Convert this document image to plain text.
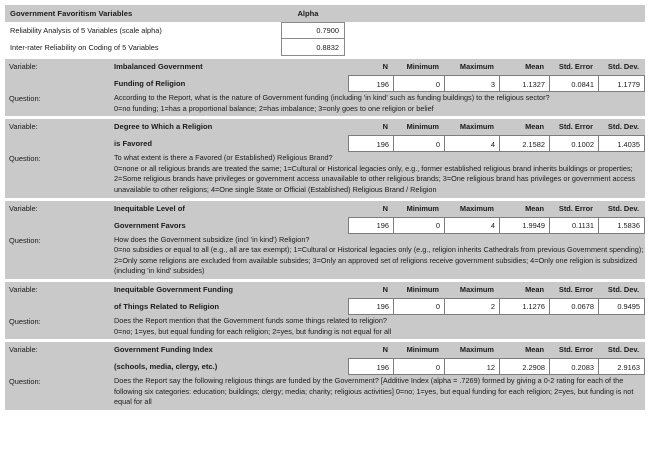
Government Favoritism Variables	Alpha
Reliability Analysis of 5 Variables (scale alpha)	0.7900
Inter-rater Reliability on Coding of 5 Variables	0.8832
Variable:	Imbalanced Government	N	Minimum	Maximum	Mean	Std. Error	Std. Dev.
Funding of Religion	196	0	3	1.1327	0.0841	1.1779
Question:	According to the Report, what is the nature of Government funding (including 'in kind' such as funding buildings) to the religious sector?
0=no funding; 1=has a proportional balance; 2=has imbalance; 3=only goes to one religion or belief
Variable:	Degree to Which a Religion	N	Minimum	Maximum	Mean	Std. Error	Std. Dev.
is Favored	196	0	4	2.1582	0.1002	1.4035
Question:	To what extent is there a Favored (or Established) Religious Brand?
0=none or all religious brands are treated the same; 1=Cultural or Historical legacies only, e.g., former established religious brand inherits buildings or properties; 2=Some religious brands have privileges or government access unavailable to other religious brands; 3=One religious brand has privileges or government access unavailable to other religions; 4=One single State or Official (Established) Religious Brand / Religion
Variable:	Inequitable Level of	N	Minimum	Maximum	Mean	Std. Error	Std. Dev.
Government Favors	196	0	4	1.9949	0.1131	1.5836
Question:	How does the Government subsidize (incl 'in kind') Religion?
0=no subsidies or equal to all (e.g., all are tax exempt); 1=Cultural or Historical legacies only (e.g., religion inherits Cathedrals from previous Government spending); 2=Only some religions are excluded from available subsides; 3=Only an approved set of religions receive government subsidies; 4=Only one religion is subsidized (including 'in kind' subsides)
Variable:	Inequitable Government Funding	N	Minimum	Maximum	Mean	Std. Error	Std. Dev.
of Things Related to Religion	196	0	2	1.1276	0.0678	0.9495
Question:	Does the Report mention that the Government funds some things related to religion?
0=no; 1=yes, but equal funding for each religion; 2=yes, but funding is not equal for all
Variable:	Government Funding Index	N	Minimum	Maximum	Mean	Std. Error	Std. Dev.
(schools, media, clergy, etc.)	196	0	12	2.2908	0.2083	2.9163
Question:	Does the Report say the following religious things are funded by the Government? [Additive Index (alpha = .7269) formed by giving a 0-2 rating for each of the following six categories: education; buildings; clergy; media; charity; religious activities] 0=no; 1=yes, but equal funding for each religion; 2=yes, but funding is not equal for all
